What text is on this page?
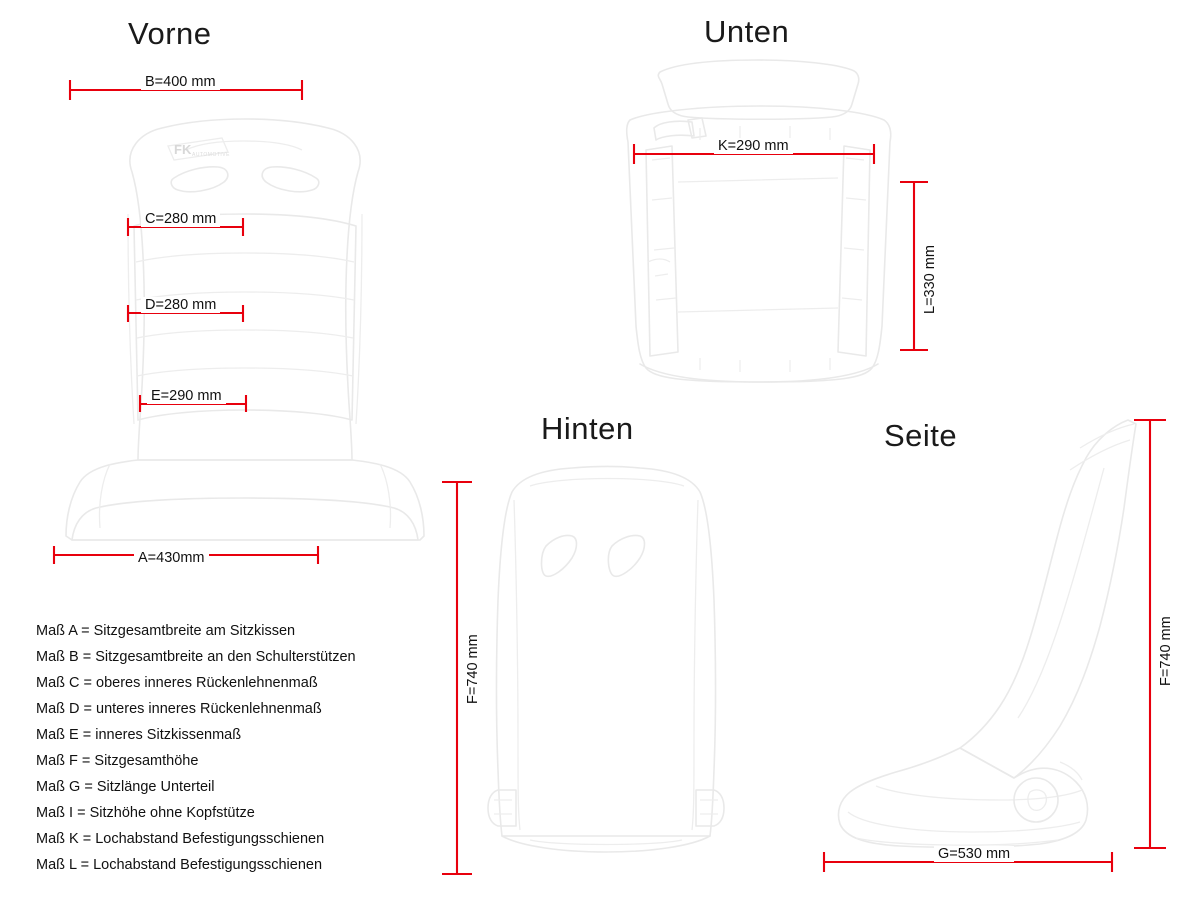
FK AUTOMOTIVE
Vorne	Unten
Hinten	Seite
B=400 mm
C=280 mm
D=280 mm
E=290 mm
A=430mm
K=290 mm
L=330 mm
F=740 mm	F=740 mm
G=530 mm
Maß A = Sitzgesamtbreite am Sitzkissen
Maß B = Sitzgesamtbreite an den Schulterstützen
Maß C = oberes inneres Rückenlehnenmaß
Maß D = unteres inneres Rückenlehnenmaß
Maß E = inneres Sitzkissenmaß
Maß F = Sitzgesamthöhe
Maß G = Sitzlänge Unterteil
Maß I = Sitzhöhe ohne Kopfstütze
Maß K = Lochabstand Befestigungsschienen
Maß L = Lochabstand Befestigungsschienen
